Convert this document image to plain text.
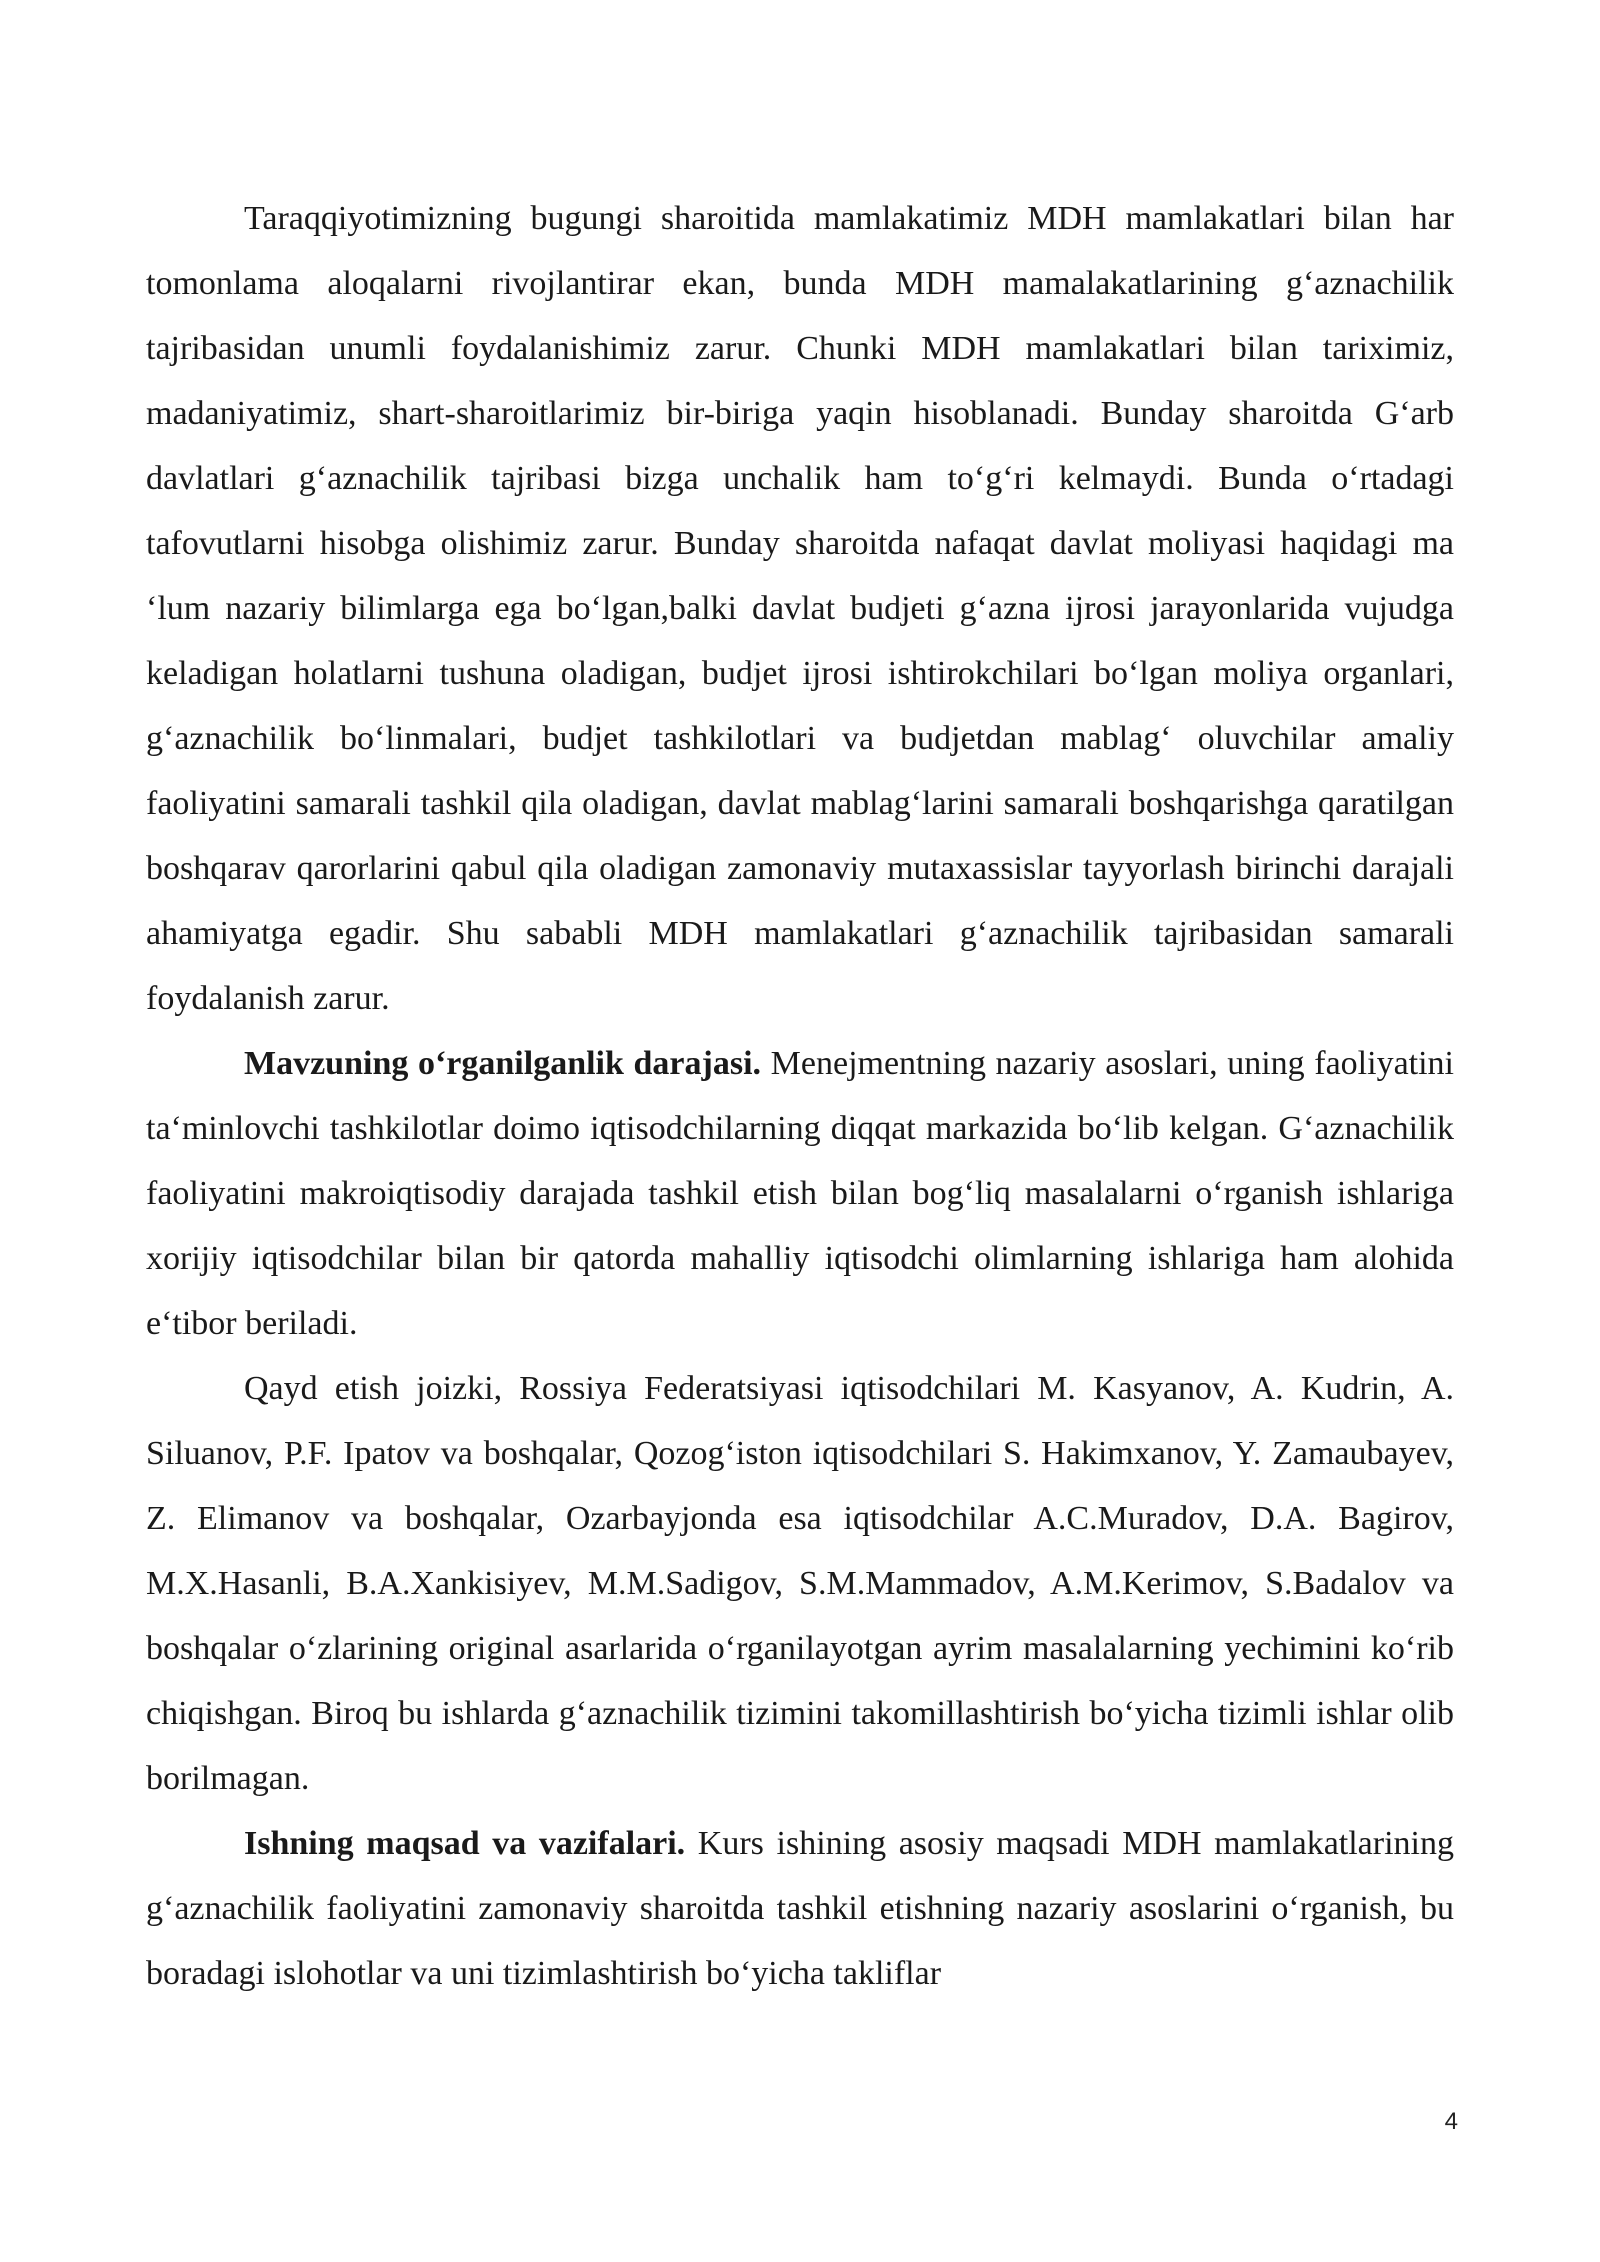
Taraqqiyotimizning bugungi sharoitida mamlakatimiz MDH mamlakatlari bilan har tomonlama aloqalarni rivojlantirar ekan, bunda MDH mamalakatlarining g‘aznachilik tajribasidan unumli foydalanishimiz zarur. Chunki MDH mamlakatlari bilan tariximiz, madaniyatimiz, shart-sharoitlarimiz bir-biriga yaqin hisoblanadi. Bunday sharoitda G‘arb davlatlari g‘aznachilik tajribasi bizga unchalik ham to‘g‘ri kelmaydi. Bunda o‘rtadagi tafovutlarni hisobga olishimiz zarur. Bunday sharoitda nafaqat davlat moliyasi haqidagi ma ‘lum nazariy bilimlarga ega bo‘lgan,balki davlat budjeti g‘azna ijrosi jarayonlarida vujudga keladigan holatlarni tushuna oladigan, budjet ijrosi ishtirokchilari bo‘lgan moliya organlari, g‘aznachilik bo‘linmalari, budjet tashkilotlari va budjetdan mablag‘ oluvchilar amaliy faoliyatini samarali tashkil qila oladigan, davlat mablag‘larini samarali boshqarishga qaratilgan boshqarav qarorlarini qabul qila oladigan zamonaviy mutaxassislar tayyorlash birinchi darajali ahamiyatga egadir. Shu sababli MDH mamlakatlari g‘aznachilik tajribasidan samarali foydalanish zarur.

Mavzuning o‘rganilganlik darajasi. Menejmentning nazariy asoslari, uning faoliyatini ta‘minlovchi tashkilotlar doimo iqtisodchilarning diqqat markazida bo‘lib kelgan. G‘aznachilik faoliyatini makroiqtisodiy darajada tashkil etish bilan bog‘liq masalalarni o‘rganish ishlariga xorijiy iqtisodchilar bilan bir qatorda mahalliy iqtisodchi olimlarning ishlariga ham alohida e‘tibor beriladi.

Qayd etish joizki, Rossiya Federatsiyasi iqtisodchilari M. Kasyanov, A. Kudrin, A. Siluanov, P.F. Ipatov va boshqalar, Qozog‘iston iqtisodchilari S. Hakimxanov, Y. Zamaubayev, Z. Elimanov va boshqalar, Ozarbayjonda esa iqtisodchilar A.C.Muradov, D.A. Bagirov, M.X.Hasanli, B.A.Xankisiyev, M.M.Sadigov, S.M.Mammadov, A.M.Kerimov, S.Badalov va boshqalar o‘zlarining original asarlarida o‘rganilayotgan ayrim masalalarning yechimini ko‘rib chiqishgan. Biroq bu ishlarda g‘aznachilik tizimini takomillashtirish bo‘yicha tizimli ishlar olib borilmagan.

Ishning maqsad va vazifalari. Kurs ishining asosiy maqsadi MDH mamlakatlarining g‘aznachilik faoliyatini zamonaviy sharoitda tashkil etishning nazariy asoslarini o‘rganish, bu boradagi islohotlar va uni tizimlashtirish bo‘yicha takliflar

4
